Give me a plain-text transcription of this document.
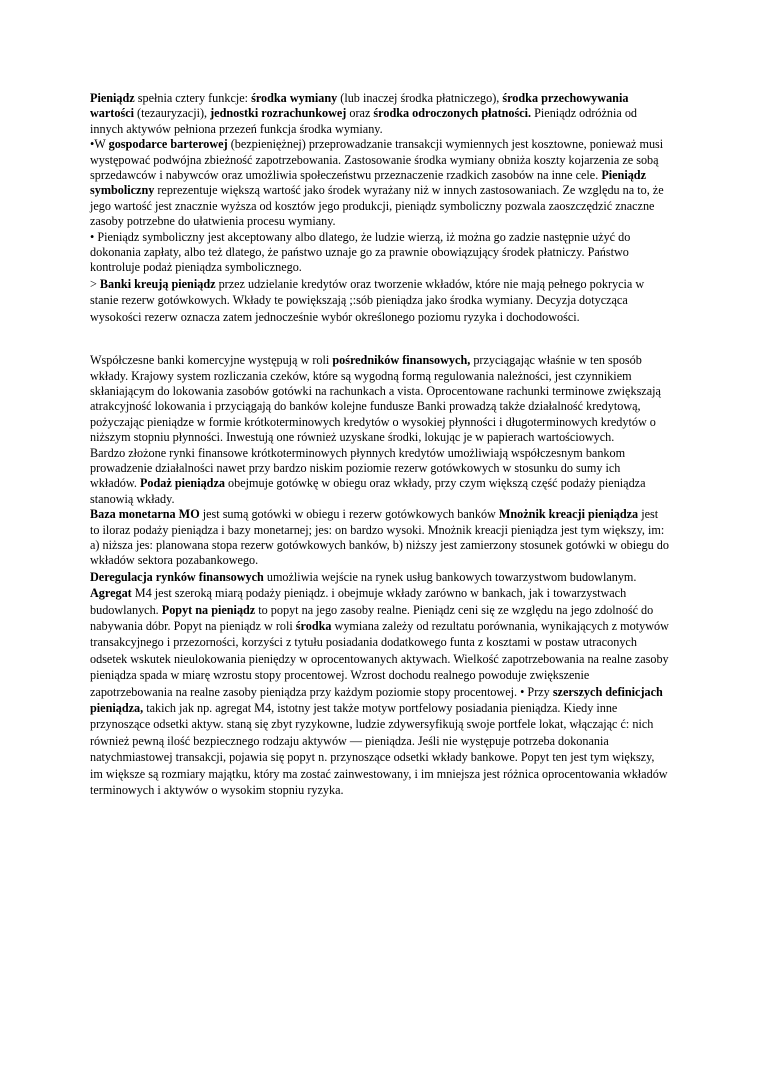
Pieniądz spełnia cztery funkcje: środka wymiany (lub inaczej środka płatniczego), środka przechowywania wartości (tezauryzacji), jednostki rozrachunkowej oraz środka odroczonych płatności. Pieniądz odróżnia od innych aktywów pełniona przezeń funkcja środka wymiany.

•W gospodarce barterowej (bezpieniężnej) przeprowadzanie transakcji wymiennych jest kosztowne, ponieważ musi występować podwójna zbieżność zapotrzebowania. Zastosowanie środka wymiany obniża koszty kojarzenia ze sobą sprzedawców i nabywców oraz umożliwia społeczeństwu przeznaczenie rzadkich zasobów na inne cele. Pieniądz symboliczny reprezentuje większą wartość jako środek wyrażany niż w innych zastosowaniach. Ze względu na to, że jego wartość jest znacznie wyższa od kosztów jego produkcji, pieniądz symboliczny pozwala zaoszczędzić znaczne zasoby potrzebne do ułatwienia procesu wymiany.

• Pieniądz symboliczny jest akceptowany albo dlatego, że ludzie wierzą, iż można go zadzie następnie użyć do dokonania zapłaty, albo też dlatego, że państwo uznaje go za prawnie obowiązujący środek płatniczy. Państwo kontroluje podaż pieniądza symbolicznego.

> Banki kreują pieniądz przez udzielanie kredytów oraz tworzenie wkładów, które nie mają pełnego pokrycia w stanie rezerw gotówkowych. Wkłady te powiększają ;:sób pieniądza jako środka wymiany. Decyzja dotycząca wysokości rezerw oznacza zatem jednocześnie wybór określonego poziomu ryzyka i dochodowości.

Współczesne banki komercyjne występują w roli pośredników finansowych, przyciągając właśnie w ten sposób wkłady. Krajowy system rozliczania czeków, które są wygodną formą regulowania należności, jest czynnikiem skłaniającym do lokowania zasobów gotówki na rachunkach a vista. Oprocentowane rachunki terminowe zwiększają atrakcyjność lokowania i przyciągają do banków kolejne fundusze Banki prowadzą także działalność kredytową, pożyczając pieniądze w formie krótkoterminowych kredytów o wysokiej płynności i długoterminowych kredytów o niższym stopniu płynności. Inwestują one również uzyskane środki, lokując je w papierach wartościowych.

Bardzo złożone rynki finansowe krótkoterminowych płynnych kredytów umożliwiają współczesnym bankom prowadzenie działalności nawet przy bardzo niskim poziomie rezerw gotówkowych w stosunku do sumy ich wkładów. Podaż pieniądza obejmuje gotówkę w obiegu oraz wkłady, przy czym większą część podaży pieniądza stanowią wkłady.

Baza monetarna MO jest sumą gotówki w obiegu i rezerw gotówkowych banków Mnożnik kreacji pieniądza jest to iloraz podaży pieniądza i bazy monetarnej; jes: on bardzo wysoki. Mnożnik kreacji pieniądza jest tym większy, im: a) niższa jes: planowana stopa rezerw gotówkowych banków, b) niższy jest zamierzony stosunek gotówki w obiegu do wkładów sektora pozabankowego.

Deregulacja rynków finansowych umożliwia wejście na rynek usług bankowych towarzystwom budowlanym. Agregat M4 jest szeroką miarą podaży pieniądz. i obejmuje wkłady zarówno w bankach, jak i towarzystwach budowlanych. Popyt na pieniądz to popyt na jego zasoby realne. Pieniądz ceni się ze względu na jego zdolność do nabywania dóbr. Popyt na pieniądz w roli środka wymiana zależy od rezultatu porównania, wynikających z motywów transakcyjnego i przezorności, korzyści z tytułu posiadania dodatkowego funta z kosztami w postaw utraconych odsetek wskutek nieulokowania pieniędzy w oprocentowanych aktywach. Wielkość zapotrzebowania na realne zasoby pieniądza spada w miarę wzrostu stopy procentowej. Wzrost dochodu realnego powoduje zwiększenie zapotrzebowania na realne zasoby pieniądza przy każdym poziomie stopy procentowej. • Przy szerszych definicjach pieniądza, takich jak np. agregat M4, istotny jest także motyw portfelowy posiadania pieniądza. Kiedy inne przynoszące odsetki aktyw. staną się zbyt ryzykowne, ludzie zdywersyfikują swoje portfele lokat, włączając ć: nich również pewną ilość bezpiecznego rodzaju aktywów — pieniądza. Jeśli nie występuje potrzeba dokonania natychmiastowej transakcji, pojawia się popyt n. przynoszące odsetki wkłady bankowe. Popyt ten jest tym większy, im większe są rozmiary majątku, który ma zostać zainwestowany, i im mniejsza jest różnica oprocentowania wkładów terminowych i aktywów o wysokim stopniu ryzyka.
